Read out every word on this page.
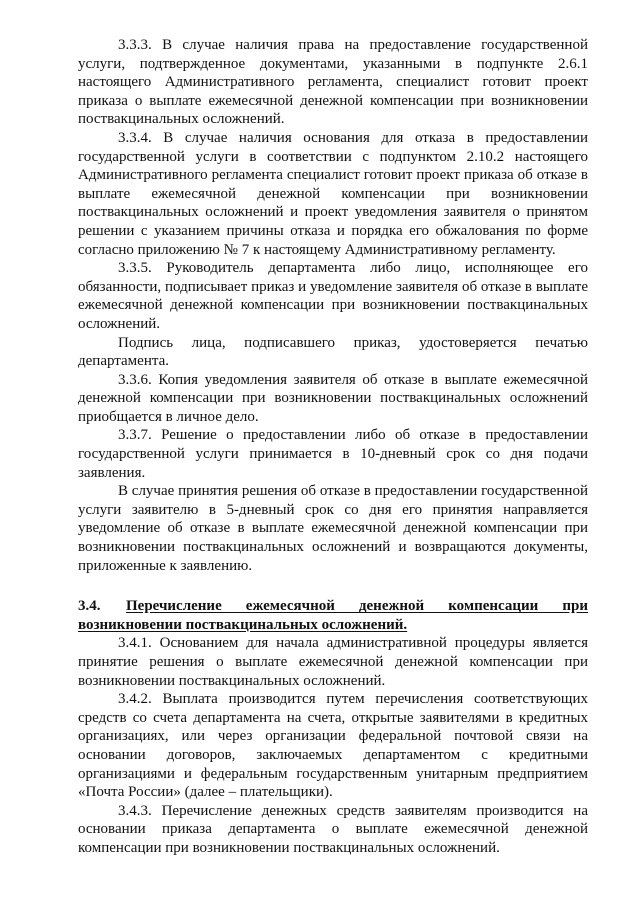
3.3.3. В случае наличия права на предоставление государственной услуги, подтвержденное документами, указанными в подпункте 2.6.1 настоящего Административного регламента, специалист готовит проект приказа о выплате ежемесячной денежной компенсации при возникновении поствакцинальных осложнений.

3.3.4. В случае наличия основания для отказа в предоставлении государственной услуги в соответствии с подпунктом 2.10.2 настоящего Административного регламента специалист готовит проект приказа об отказе в выплате ежемесячной денежной компенсации при возникновении поствакцинальных осложнений и проект уведомления заявителя о принятом решении с указанием причины отказа и порядка его обжалования по форме согласно приложению № 7 к настоящему Административному регламенту.

3.3.5. Руководитель департамента либо лицо, исполняющее его обязанности, подписывает приказ и уведомление заявителя об отказе в выплате ежемесячной денежной компенсации при возникновении поствакцинальных осложнений.

Подпись лица, подписавшего приказ, удостоверяется печатью департамента.

3.3.6. Копия уведомления заявителя об отказе в выплате ежемесячной денежной компенсации при возникновении поствакцинальных осложнений приобщается в личное дело.

3.3.7. Решение о предоставлении либо об отказе в предоставлении государственной услуги принимается в 10-дневный срок со дня подачи заявления.

В случае принятия решения об отказе в предоставлении государственной услуги заявителю в 5-дневный срок со дня его принятия направляется уведомление об отказе в выплате ежемесячной денежной компенсации при возникновении поствакцинальных осложнений и возвращаются документы, приложенные к заявлению.

3.4. Перечисление ежемесячной денежной компенсации при возникновении поствакцинальных осложнений.

3.4.1. Основанием для начала административной процедуры является принятие решения о выплате ежемесячной денежной компенсации при возникновении поствакцинальных осложнений.

3.4.2. Выплата производится путем перечисления соответствующих средств со счета департамента на счета, открытые заявителями в кредитных организациях, или через организации федеральной почтовой связи на основании договоров, заключаемых департаментом с кредитными организациями и федеральным государственным унитарным предприятием «Почта России» (далее – плательщики).

3.4.3. Перечисление денежных средств заявителям производится на основании приказа департамента о выплате ежемесячной денежной компенсации при возникновении поствакцинальных осложнений.
